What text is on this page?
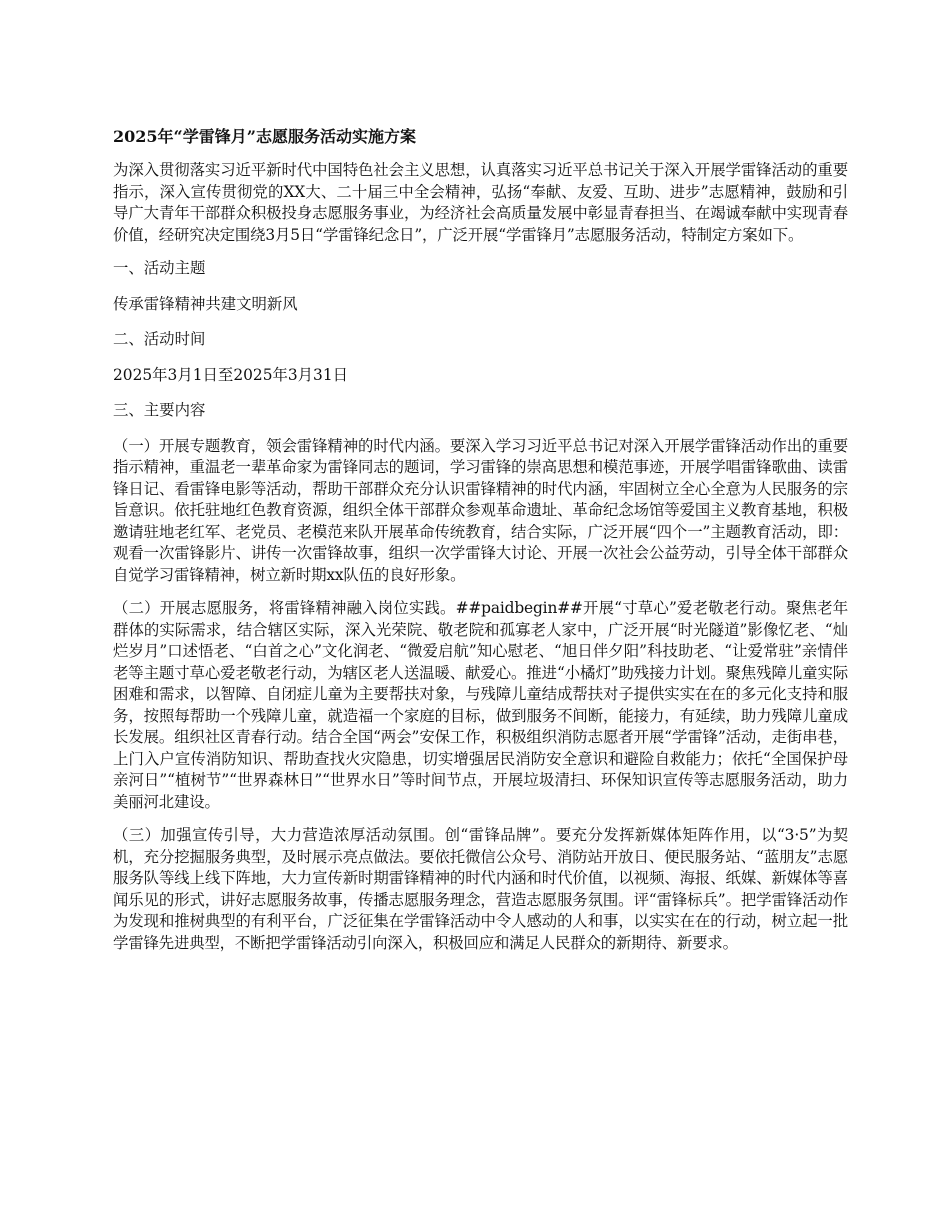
2025年“学雷锋月”志愿服务活动实施方案

为深入贯彻落实习近平新时代中国特色社会主义思想，认真落实习近平总书记关于深入开展学雷锋活动的重要指示，深入宣传贯彻党的XX大、二十届三中全会精神，弘扬“奉献、友爱、互助、进步”志愿精神，鼓励和引导广大青年干部群众积极投身志愿服务事业，为经济社会高质量发展中彰显青春担当、在竭诚奉献中实现青春价值，经研究决定围绕3月5日“学雷锋纪念日”，广泛开展“学雷锋月”志愿服务活动，特制定方案如下。

一、活动主题
传承雷锋精神共建文明新风
二、活动时间
2025年3月1日至2025年3月31日
三、主要内容

（一）开展专题教育，领会雷锋精神的时代内涵。要深入学习习近平总书记对深入开展学雷锋活动作出的重要指示精神，重温老一辈革命家为雷锋同志的题词，学习雷锋的崇高思想和模范事迹，开展学唱雷锋歌曲、读雷锋日记、看雷锋电影等活动，帮助干部群众充分认识雷锋精神的时代内涵，牢固树立全心全意为人民服务的宗旨意识。依托驻地红色教育资源，组织全体干部群众参观革命遗址、革命纪念场馆等爱国主义教育基地，积极邀请驻地老红军、老党员、老模范来队开展革命传统教育，结合实际，广泛开展“四个一”主题教育活动，即：观看一次雷锋影片、讲传一次雷锋故事，组织一次学雷锋大讨论、开展一次社会公益劳动，引导全体干部群众自觉学习雷锋精神，树立新时期xx队伍的良好形象。

（二）开展志愿服务，将雷锋精神融入岗位实践。##paidbegin##开展“寸草心”爱老敬老行动。聚焦老年群体的实际需求，结合辖区实际，深入光荣院、敬老院和孤寡老人家中，广泛开展“时光隧道”影像忆老、“灿烂岁月”口述悟老、“白首之心”文化润老、“微爱启航”知心慰老、“旭日伴夕阳”科技助老、“让爱常驻”亲情伴老等主题寸草心爱老敬老行动，为辖区老人送温暖、献爱心。推进“小橘灯”助残接力计划。聚焦残障儿童实际困难和需求，以智障、自闭症儿童为主要帮扶对象，与残障儿童结成帮扶对子提供实实在在的多元化支持和服务，按照每帮助一个残障儿童，就造福一个家庭的目标，做到服务不间断，能接力，有延续，助力残障儿童成长发展。组织社区青春行动。结合全国“两会”安保工作，积极组织消防志愿者开展“学雷锋”活动，走街串巷，上门入户宣传消防知识、帮助查找火灾隐患，切实增强居民消防安全意识和避险自救能力；依托“全国保护母亲河日”“植树节”“世界森林日”“世界水日”等时间节点，开展垃圾清扫、环保知识宣传等志愿服务活动，助力美丽河北建设。

（三）加强宣传引导，大力营造浓厚活动氛围。创“雷锋品牌”。要充分发挥新媒体矩阵作用，以“3·5”为契机，充分挖掘服务典型，及时展示亮点做法。要依托微信公众号、消防站开放日、便民服务站、“蓝朋友”志愿服务队等线上线下阵地，大力宣传新时期雷锋精神的时代内涵和时代价值，以视频、海报、纸媒、新媒体等喜闻乐见的形式，讲好志愿服务故事，传播志愿服务理念，营造志愿服务氛围。评“雷锋标兵”。把学雷锋活动作为发现和推树典型的有利平台，广泛征集在学雷锋活动中令人感动的人和事，以实实在在的行动，树立起一批学雷锋先进典型，不断把学雷锋活动引向深入，积极回应和满足人民群众的新期待、新要求。
